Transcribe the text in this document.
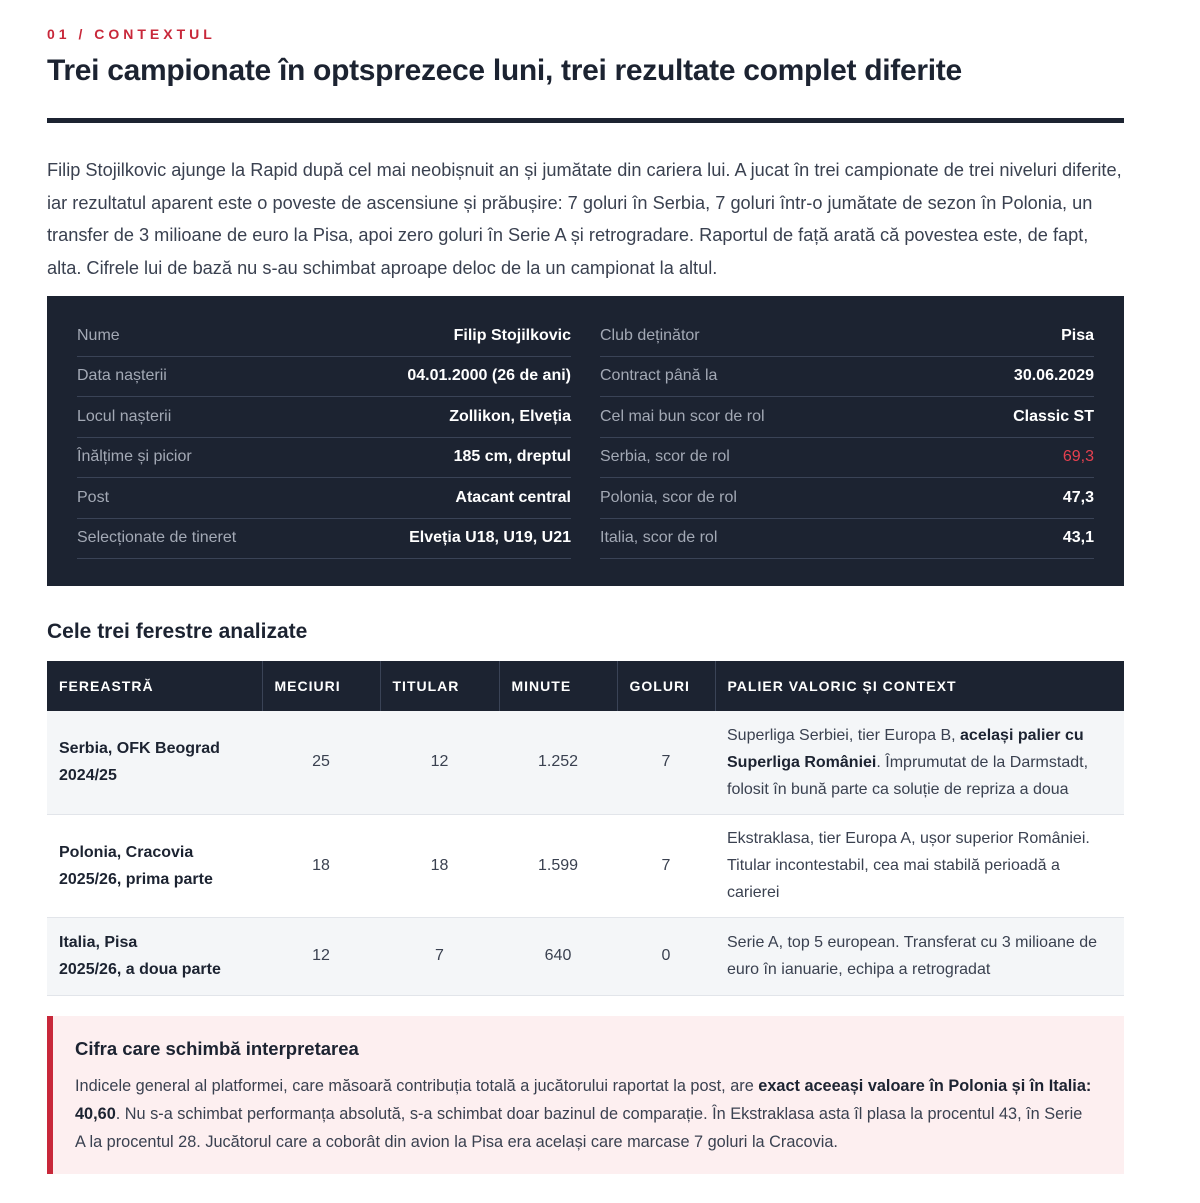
01 / CONTEXTUL
Trei campionate în optsprezece luni, trei rezultate complet diferite

Filip Stojilkovic ajunge la Rapid după cel mai neobișnuit an și jumătate din cariera lui. A jucat în trei campionate de trei niveluri diferite, iar rezultatul aparent este o poveste de ascensiune și prăbușire: 7 goluri în Serbia, 7 goluri într-o jumătate de sezon în Polonia, un transfer de 3 milioane de euro la Pisa, apoi zero goluri în Serie A și retrogradare. Raportul de față arată că povestea este, de fapt, alta. Cifrele lui de bază nu s-au schimbat aproape deloc de la un campionat la altul.

Nume	Filip Stojilkovic
Data nașterii	04.01.2000 (26 de ani)
Locul nașterii	Zollikon, Elveția
Înălțime și picior	185 cm, dreptul
Post	Atacant central
Selecționate de tineret	Elveția U18, U19, U21
Club deținător	Pisa
Contract până la	30.06.2029
Cel mai bun scor de rol	Classic ST
Serbia, scor de rol	69,3
Polonia, scor de rol	47,3
Italia, scor de rol	43,1
Cele trei ferestre analizate
FEREASTRĂ	MECIURI	TITULAR	MINUTE	GOLURI	PALIER VALORIC ȘI CONTEXT
Serbia, OFK Beograd
2024/25	25	12	1.252	7	Superliga Serbiei, tier Europa B, același palier cu Superliga României. Împrumutat de la Darmstadt, folosit în bună parte ca soluție de repriza a doua
Polonia, Cracovia
2025/26, prima parte	18	18	1.599	7	Ekstraklasa, tier Europa A, ușor superior României. Titular incontestabil, cea mai stabilă perioadă a carierei
Italia, Pisa
2025/26, a doua parte	12	7	640	0	Serie A, top 5 european. Transferat cu 3 milioane de euro în ianuarie, echipa a retrogradat
Cifra care schimbă interpretarea

Indicele general al platformei, care măsoară contribuția totală a jucătorului raportat la post, are exact aceeași valoare în Polonia și în Italia: 40,60. Nu s-a schimbat performanța absolută, s-a schimbat doar bazinul de comparație. În Ekstraklasa asta îl plasa la procentul 43, în Serie A la procentul 28. Jucătorul care a coborât din avion la Pisa era același care marcase 7 goluri la Cracovia.
